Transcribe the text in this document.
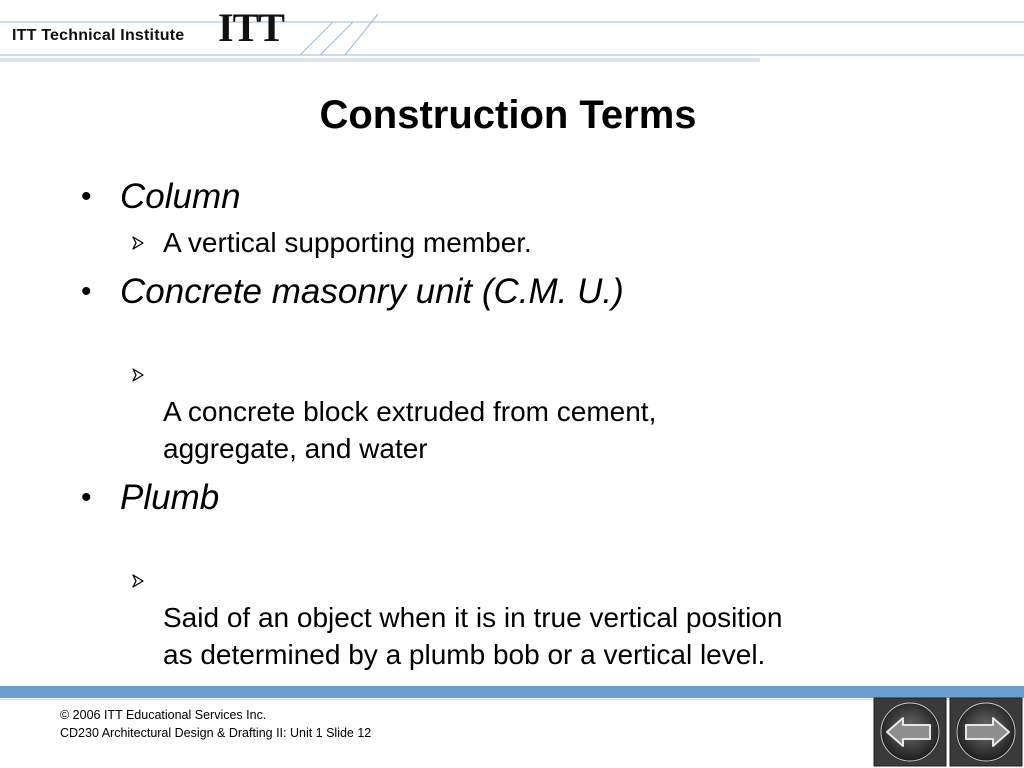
ITT Technical Institute ITT
Construction Terms
• Column
A vertical supporting member.
• Concrete masonry unit (C.M. U.)

A concrete block extruded from cement,
aggregate, and water

• Plumb

Said of an object when it is in true vertical position
as determined by a plumb bob or a vertical level.

© 2006 ITT Educational Services Inc.
CD230 Architectural Design & Drafting II: Unit 1 Slide 12
